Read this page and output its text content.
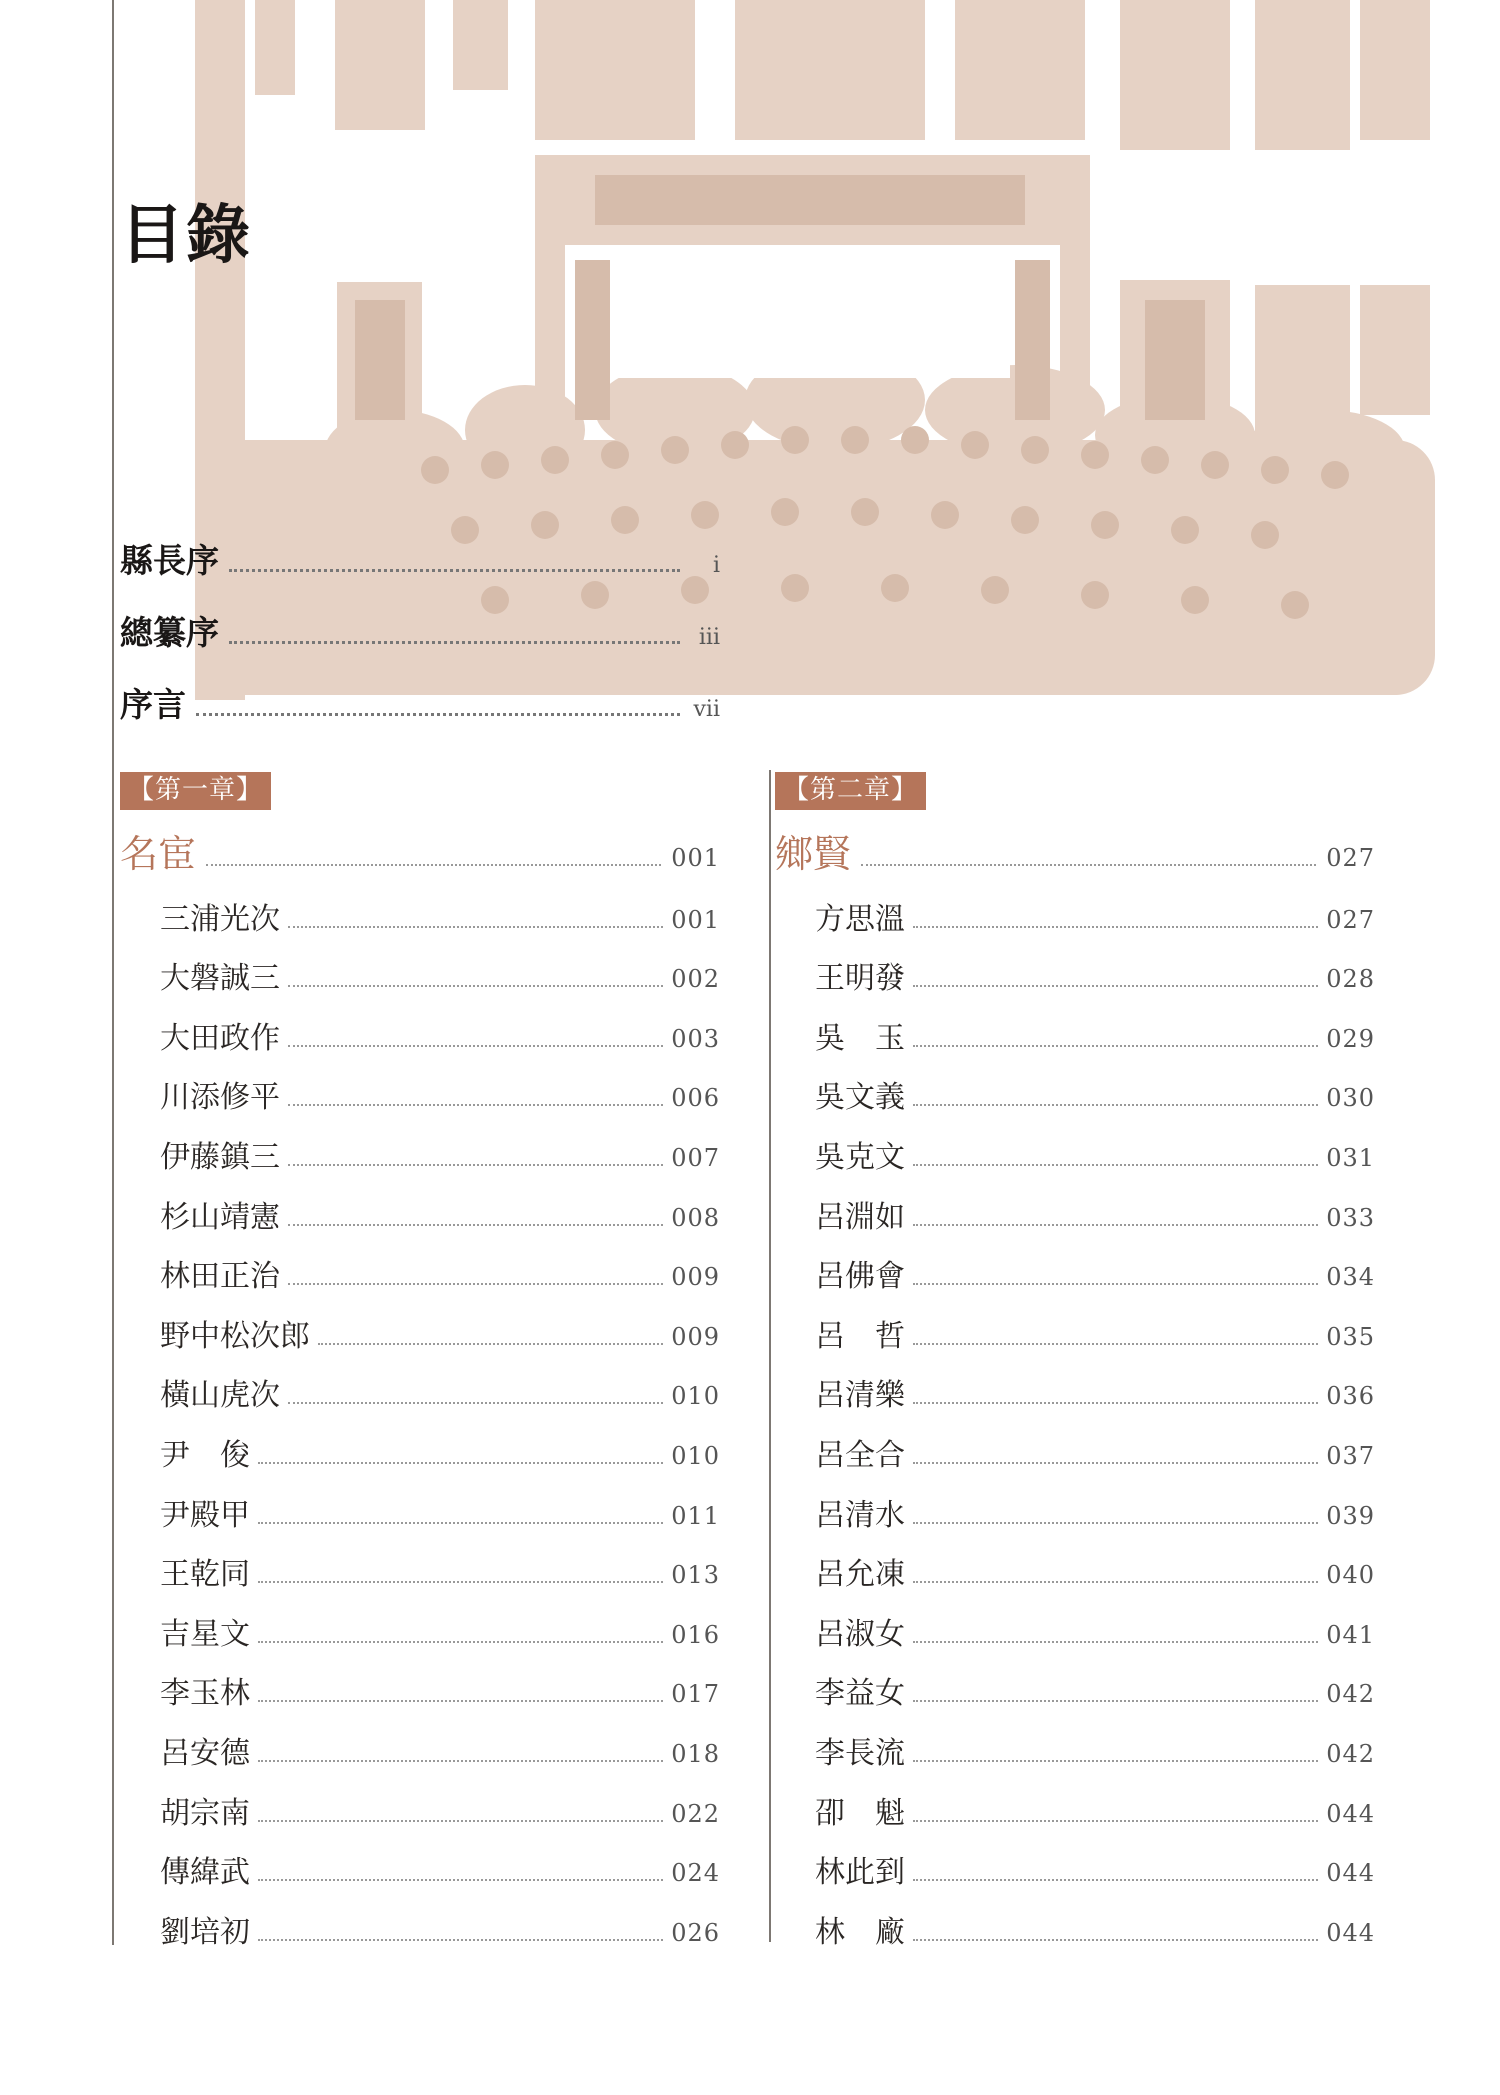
目錄
縣長序	i
總纂序	iii
序言	vii
【第一章】
名宦	001
三浦光次	001
大磐誠三	002
大田政作	003
川添修平	006
伊藤鎮三	007
杉山靖憲	008
林田正治	009
野中松次郎	009
橫山虎次	010
尹　俊	010
尹殿甲	011
王乾同	013
吉星文	016
李玉林	017
呂安德	018
胡宗南	022
傳緯武	024
劉培初	026
【第二章】
鄉賢	027
方思溫	027
王明發	028
吳　玉	029
吳文義	030
吳克文	031
呂淵如	033
呂佛會	034
呂　哲	035
呂清樂	036
呂全合	037
呂清水	039
呂允凍	040
呂淑女	041
李益女	042
李長流	042
卲　魁	044
林此到	044
林　廠	044
